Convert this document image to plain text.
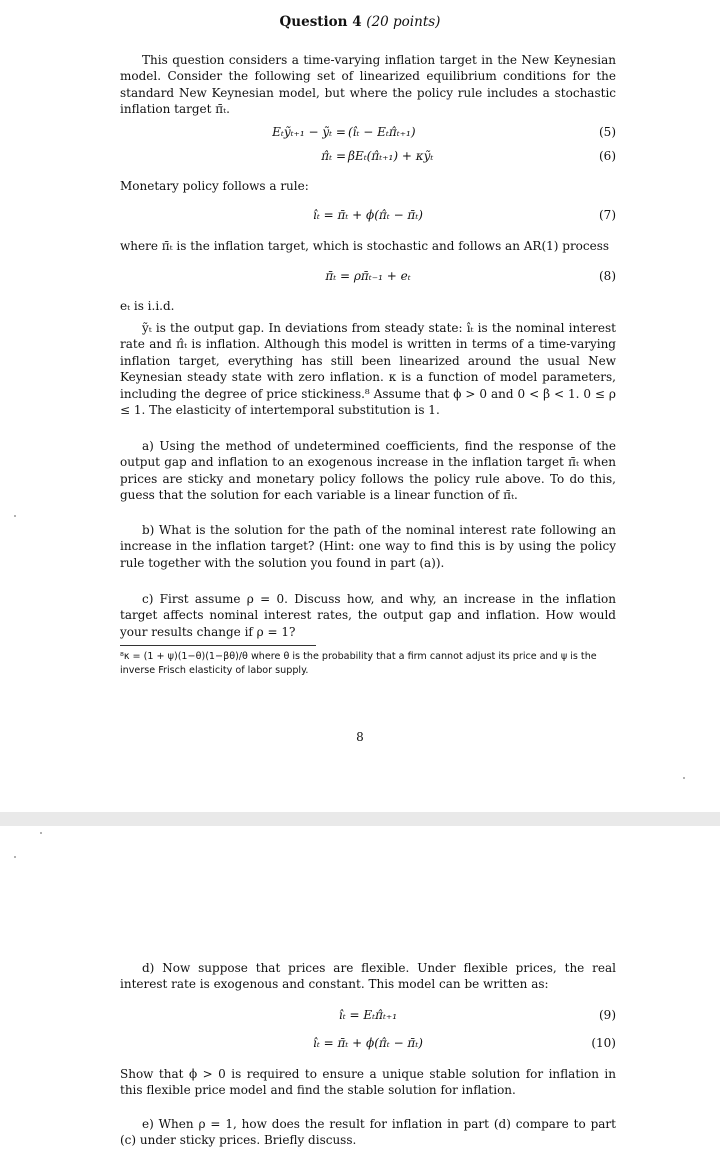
Question 4 (20 points)
This question considers a time-varying inflation target in the New Keynesian model. Consider the following set of linearized equilibrium conditions for the standard New Keynesian model, but where the policy rule includes a stochastic inflation target π̄ₜ.
Eₜỹₜ₊₁ − ỹₜ = (îₜ − Eₜπ̂ₜ₊₁)	(5)
π̂ₜ = βEₜ(π̂ₜ₊₁) + κỹₜ	(6)
Monetary policy follows a rule:
îₜ = π̄ₜ + ϕ(π̂ₜ − π̄ₜ)	(7)
where π̄ₜ is the inflation target, which is stochastic and follows an AR(1) process
π̄ₜ = ρπ̄ₜ₋₁ + eₜ	(8)
eₜ is i.i.d.
ỹₜ is the output gap. In deviations from steady state: îₜ is the nominal interest rate and π̂ₜ is inflation. Although this model is written in terms of a time-varying inflation target, everything has still been linearized around the usual New Keynesian steady state with zero inflation. κ is a function of model parameters, including the degree of price stickiness.⁸ Assume that ϕ > 0 and 0 < β < 1. 0 ≤ ρ ≤ 1. The elasticity of intertemporal substitution is 1.
a) Using the method of undetermined coefficients, find the response of the output gap and inflation to an exogenous increase in the inflation target π̄ₜ when prices are sticky and monetary policy follows the policy rule above. To do this, guess that the solution for each variable is a linear function of π̄ₜ.
b) What is the solution for the path of the nominal interest rate following an increase in the inflation target? (Hint: one way to find this is by using the policy rule together with the solution you found in part (a)).
c) First assume ρ = 0. Discuss how, and why, an increase in the inflation target affects nominal interest rates, the output gap and inflation. How would your results change if ρ = 1?
⁸κ = (1 + ψ)(1−θ)(1−βθ)/θ where θ is the probability that a firm cannot adjust its price and ψ is the inverse Frisch elasticity of labor supply.
8
d) Now suppose that prices are flexible. Under flexible prices, the real interest rate is exogenous and constant. This model can be written as:
îₜ = Eₜπ̂ₜ₊₁	(9)
îₜ = π̄ₜ + ϕ(π̂ₜ − π̄ₜ)	(10)
Show that ϕ > 0 is required to ensure a unique stable solution for inflation in this flexible price model and find the stable solution for inflation.
e) When ρ = 1, how does the result for inflation in part (d) compare to part (c) under sticky prices. Briefly discuss.
